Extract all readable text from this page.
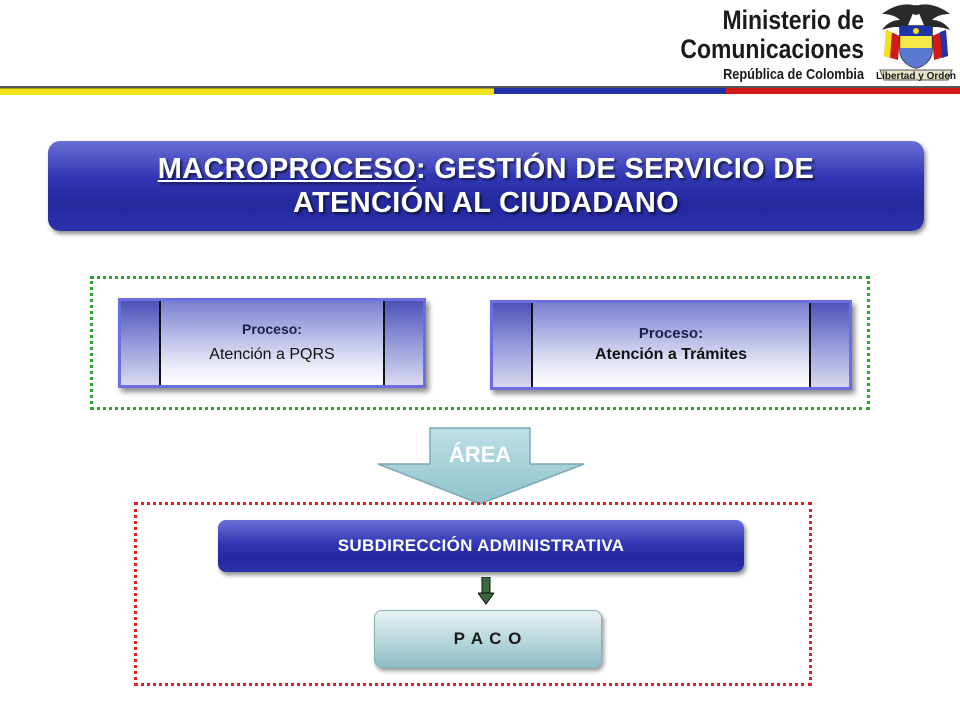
Ministerio de
Comunicaciones
República de Colombia Libertad y Orden
MACROPROCESO: GESTIÓN DE SERVICIO DE
ATENCIÓN AL CIUDADANO
Proceso:
Atención a PQRS
Proceso:
Atención a Trámites
ÁREA
SUBDIRECCIÓN ADMINISTRATIVA
P A C O
